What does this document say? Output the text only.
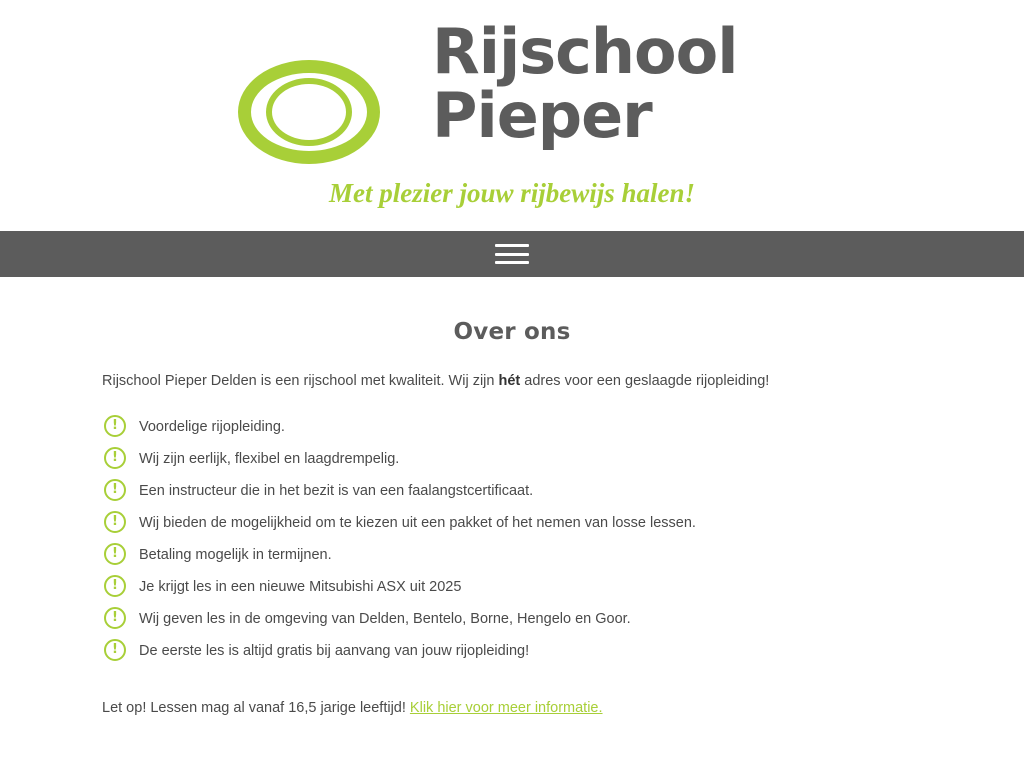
P
Rijschool
Pieper
Met plezier jouw rijbewijs halen!
Over ons

Rijschool Pieper Delden is een rijschool met kwaliteit. Wij zijn hét adres voor een geslaagde rijopleiding!

!	Voordelige rijopleiding.
!	Wij zijn eerlijk, flexibel en laagdrempelig.
!	Een instructeur die in het bezit is van een faalangstcertificaat.
!	Wij bieden de mogelijkheid om te kiezen uit een pakket of het nemen van losse lessen.
!	Betaling mogelijk in termijnen.
!	Je krijgt les in een nieuwe Mitsubishi ASX uit 2025
!	Wij geven les in de omgeving van Delden, Bentelo, Borne, Hengelo en Goor.
!	De eerste les is altijd gratis bij aanvang van jouw rijopleiding!

Let op! Lessen mag al vanaf 16,5 jarige leeftijd! Klik hier voor meer informatie.
